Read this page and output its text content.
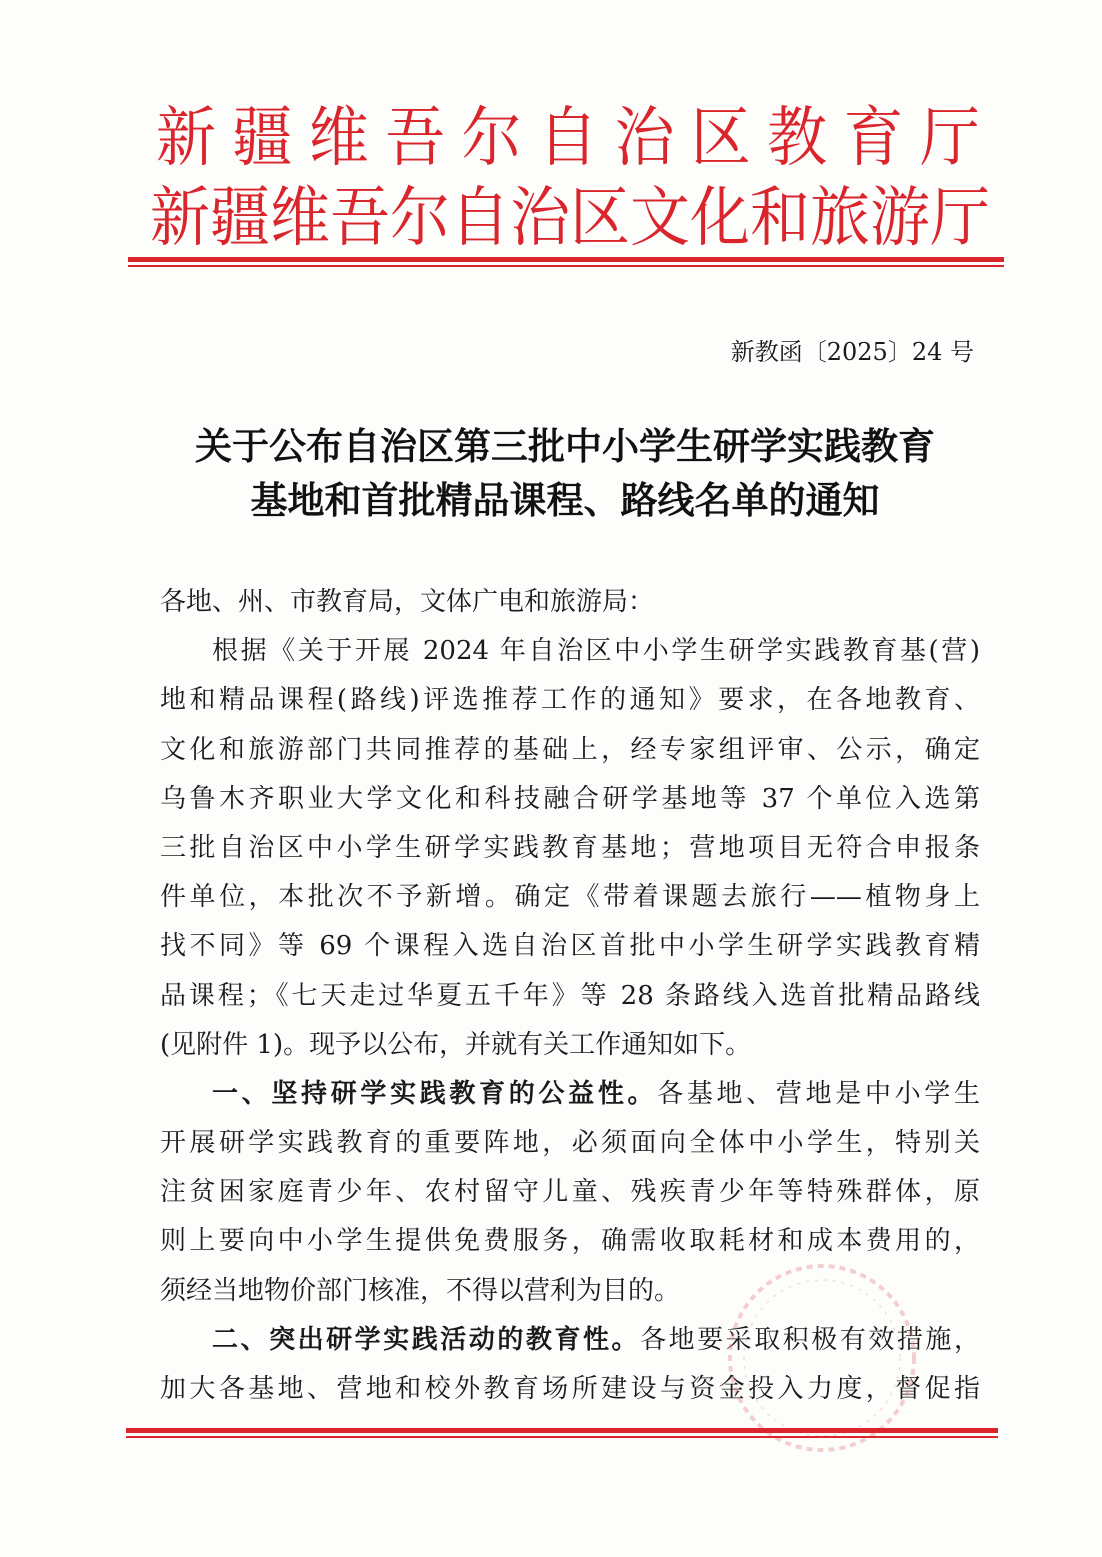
新 疆 维 吾 尔 自 治 区 教 育 厅
新 疆 维 吾 尔 自 治 区 文 化 和 旅 游 厅
新教函〔2025〕24 号
关于公布自治区第三批中小学生研学实践教育
基地和首批精品课程、路线名单的通知
各地、州、市教育局，文体广电和旅游局：
根据《关于开展 2024 年自治区中小学生研学实践教育基(营)
地和精品课程(路线)评选推荐工作的通知》要求，在各地教育、
文化和旅游部门共同推荐的基础上，经专家组评审、公示，确定
乌鲁木齐职业大学文化和科技融合研学基地等 37 个单位入选第
三批自治区中小学生研学实践教育基地；营地项目无符合申报条
件单位，本批次不予新增。确定《带着课题去旅行——植物身上
找不同》等 69 个课程入选自治区首批中小学生研学实践教育精
品课程；《七天走过华夏五千年》等 28 条路线入选首批精品路线
(见附件 1)。现予以公布，并就有关工作通知如下。
一、坚持研学实践教育的公益性。各基地、营地是中小学生
开展研学实践教育的重要阵地，必须面向全体中小学生，特别关
注贫困家庭青少年、农村留守儿童、残疾青少年等特殊群体，原
则上要向中小学生提供免费服务，确需收取耗材和成本费用的，
须经当地物价部门核准，不得以营利为目的。
二、突出研学实践活动的教育性。各地要采取积极有效措施，
加大各基地、营地和校外教育场所建设与资金投入力度，督促指
